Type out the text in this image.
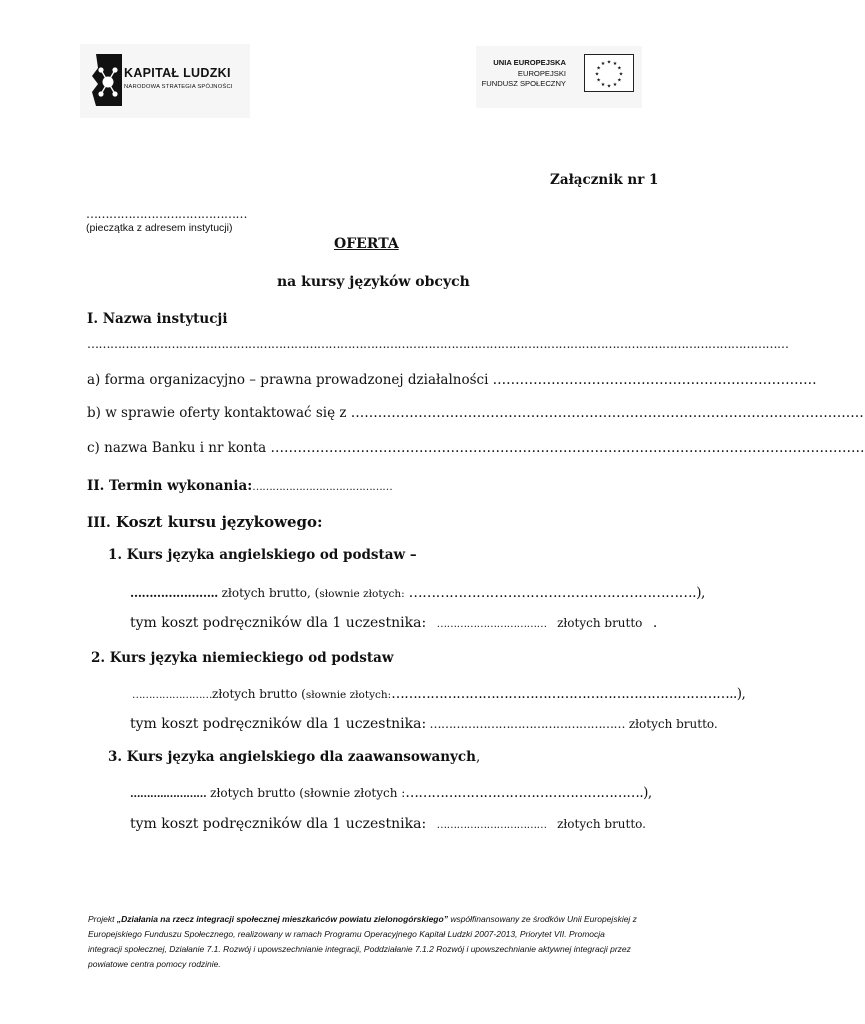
KAPITAŁ LUDZKI
NARODOWA STRATEGIA SPÓJNOŚCI
UNIA EUROPEJSKA
EUROPEJSKI
FUNDUSZ SPOŁECZNY
★
★
★
★
★
★
★
★
★ ★ ★
★
Załącznik nr 1
……………………………………
(pieczątka z adresem instytucji)
OFERTA
na kursy języków obcych
I. Nazwa instytucji
…………………………………………………………………………………………………………………………………………………………………
a) forma organizacyjno – prawna prowadzonej działalności ………………………………………………………………
b) w sprawie oferty kontaktować się z ……………………………………………………………………………………………………
c) nazwa Banku i nr konta ……………………………………………………………………………………………………………………
II. Termin wykonania:……………………………………
III. Koszt kursu językowego:
1. Kurs języka angielskiego od podstaw –
………………….. złotych brutto, (słownie złotych: ……………………………………………………….),
tym koszt podręczników dla 1 uczestnika: …………………………… złotych brutto .
2. Kurs języka niemieckiego od podstaw
……………………złotych brutto (słownie złotych:……………………………………………………………………..),
tym koszt podręczników dla 1 uczestnika: …………………………………………… złotych brutto.
3. Kurs języka angielskiego dla zaawansowanych,
………..………… złotych brutto (słownie złotych :……………………………………………….),
tym koszt podręczników dla 1 uczestnika: …………………………… złotych brutto.
Projekt „Działania na rzecz integracji społecznej mieszkańców powiatu zielonogórskiego” współfinansowany ze środków Unii Europejskiej z Europejskiego Funduszu Społecznego, realizowany w ramach Programu Operacyjnego Kapitał Ludzki 2007-2013, Priorytet VII. Promocja integracji społecznej, Działanie 7.1. Rozwój i upowszechnianie integracji, Poddziałanie 7.1.2 Rozwój i upowszechnianie aktywnej integracji przez powiatowe centra pomocy rodzinie.
